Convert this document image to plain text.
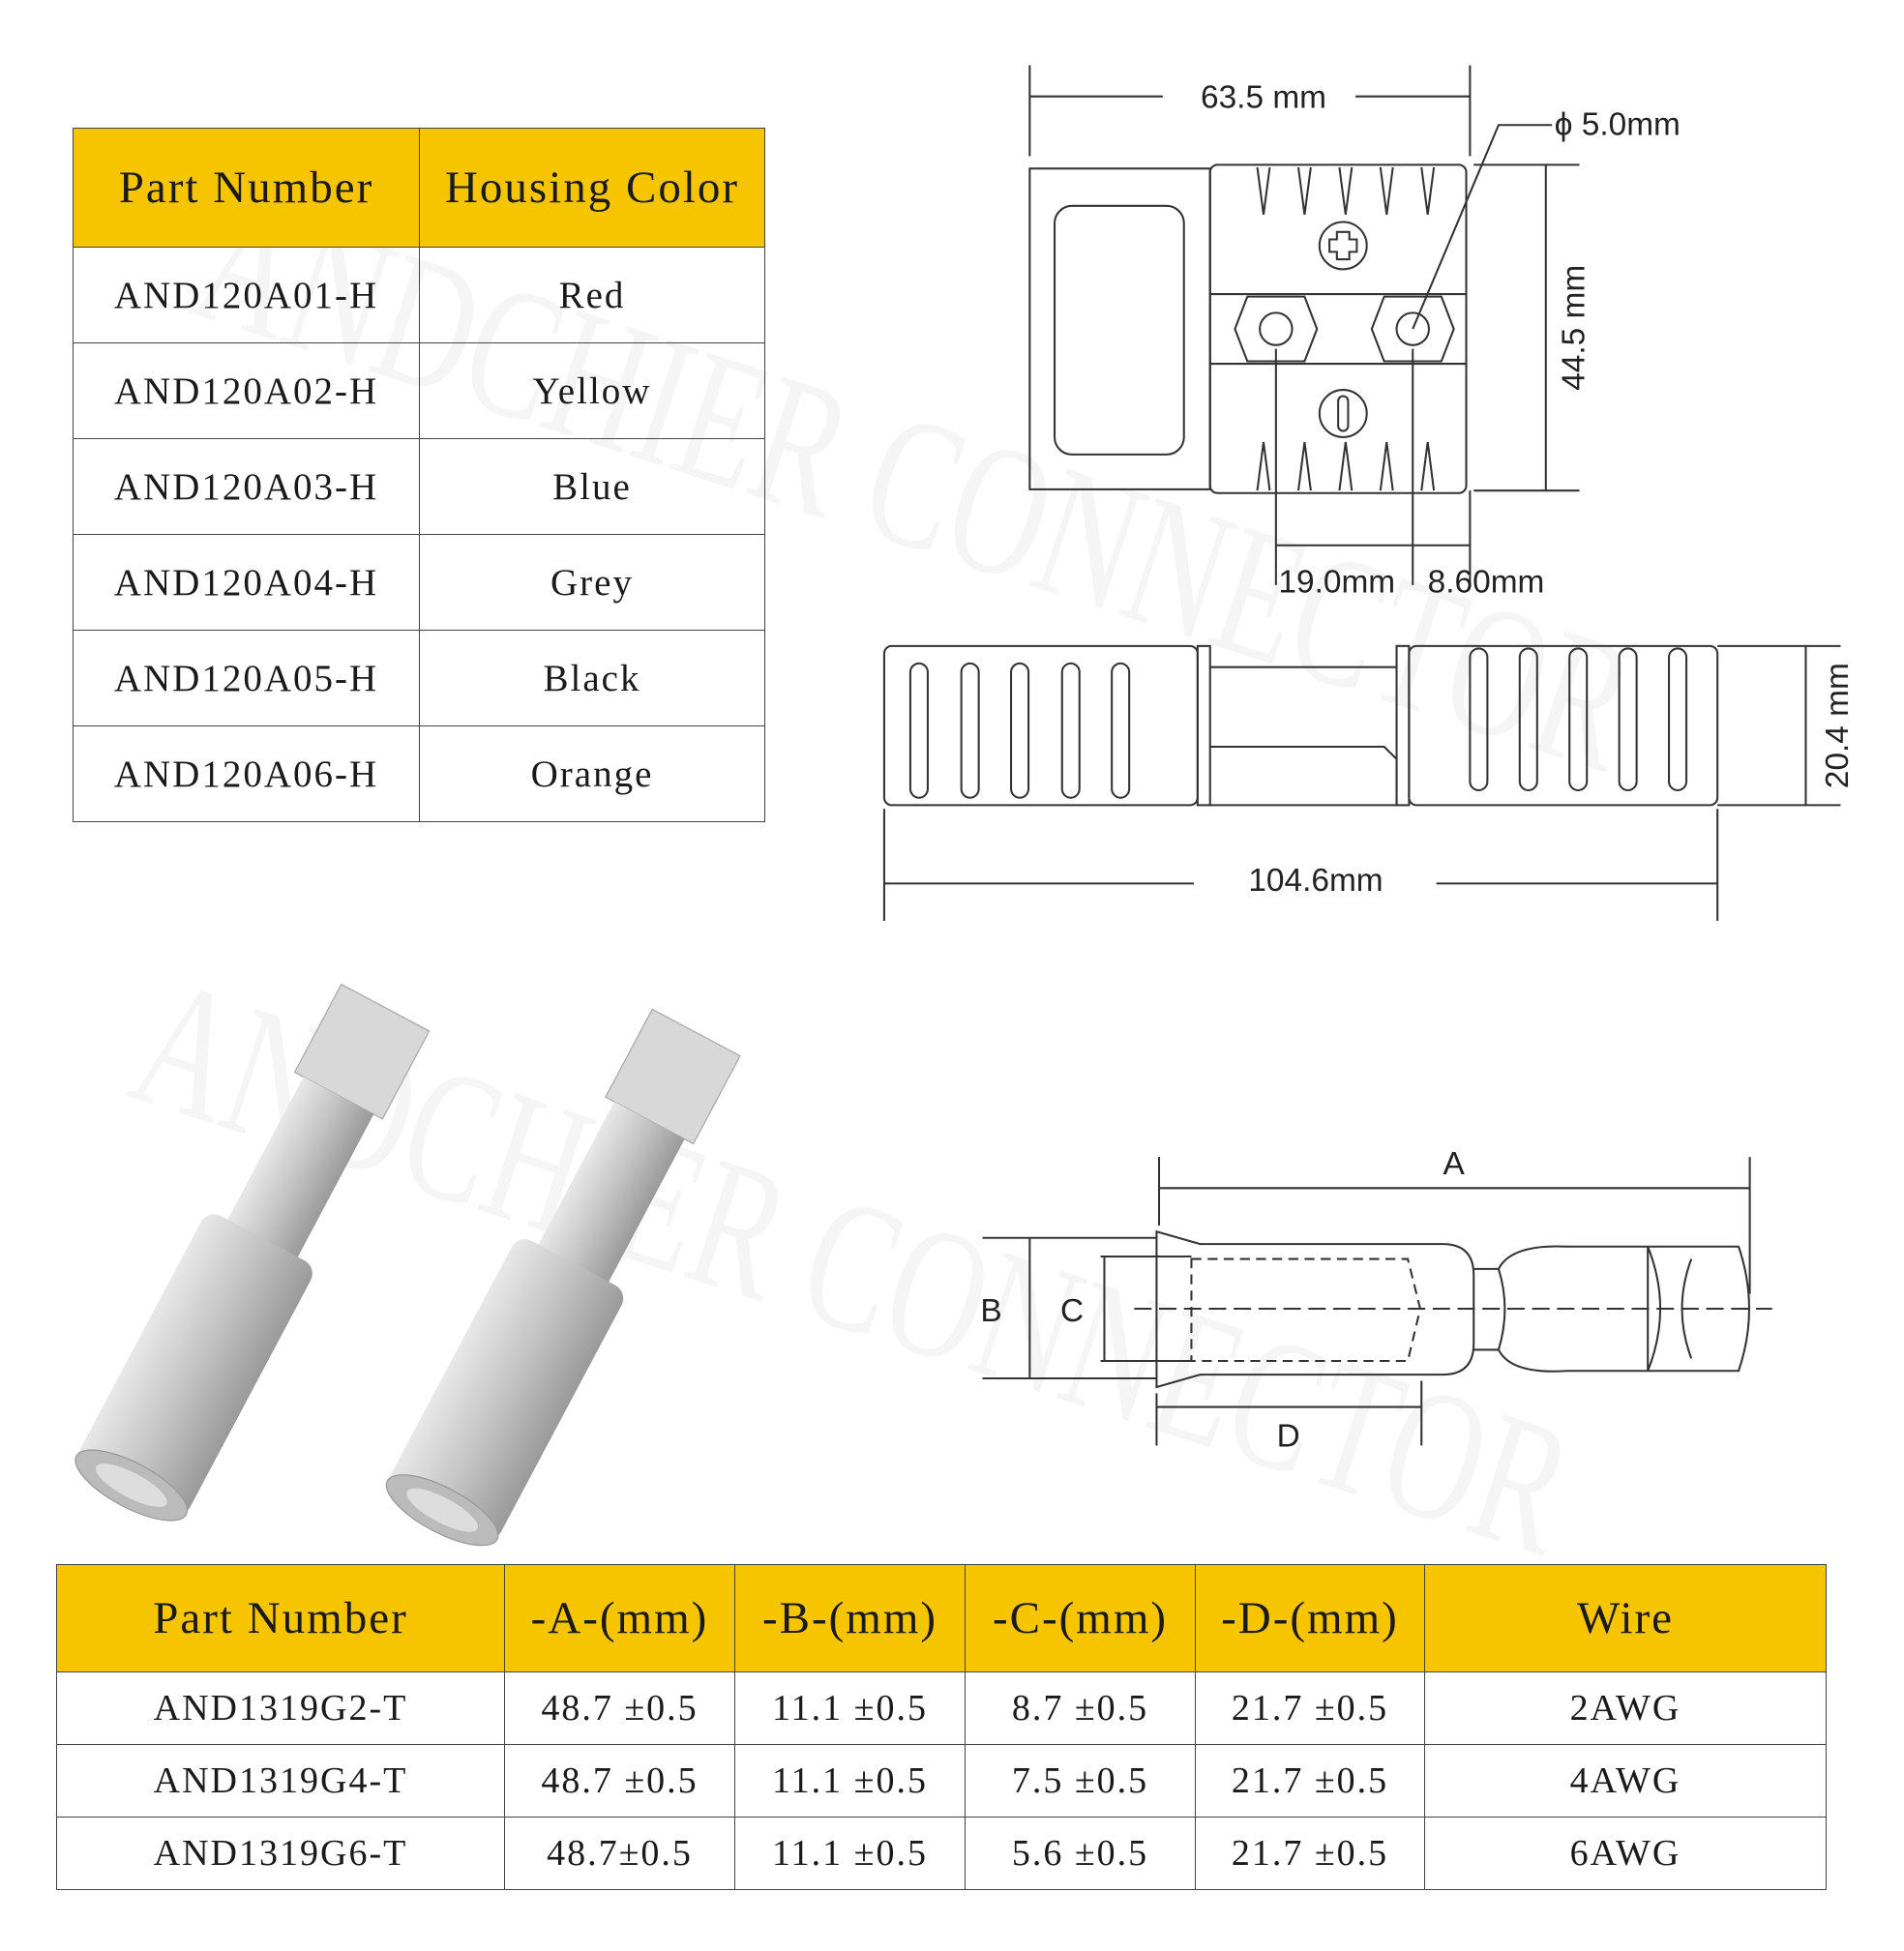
63.5 mm
ϕ 5.0mm
44.5 mm
19.0mm 8.60mm
20.4 mm
104.6mm
A
B C
D
Part Number	Housing Color
AND120A01-H	Red
AND120A02-H	Yellow
AND120A03-H	Blue
AND120A04-H	Grey
AND120A05-H	Black
AND120A06-H	Orange
Part Number	-A-(mm)	-B-(mm)	-C-(mm)	-D-(mm)	Wire
AND1319G2-T	48.7 ±0.5	11.1 ±0.5	8.7 ±0.5	21.7 ±0.5	2AWG
AND1319G4-T	48.7 ±0.5	11.1 ±0.5	7.5 ±0.5	21.7 ±0.5	4AWG
AND1319G6-T	48.7±0.5	11.1 ±0.5	5.6 ±0.5	21.7 ±0.5	6AWG
